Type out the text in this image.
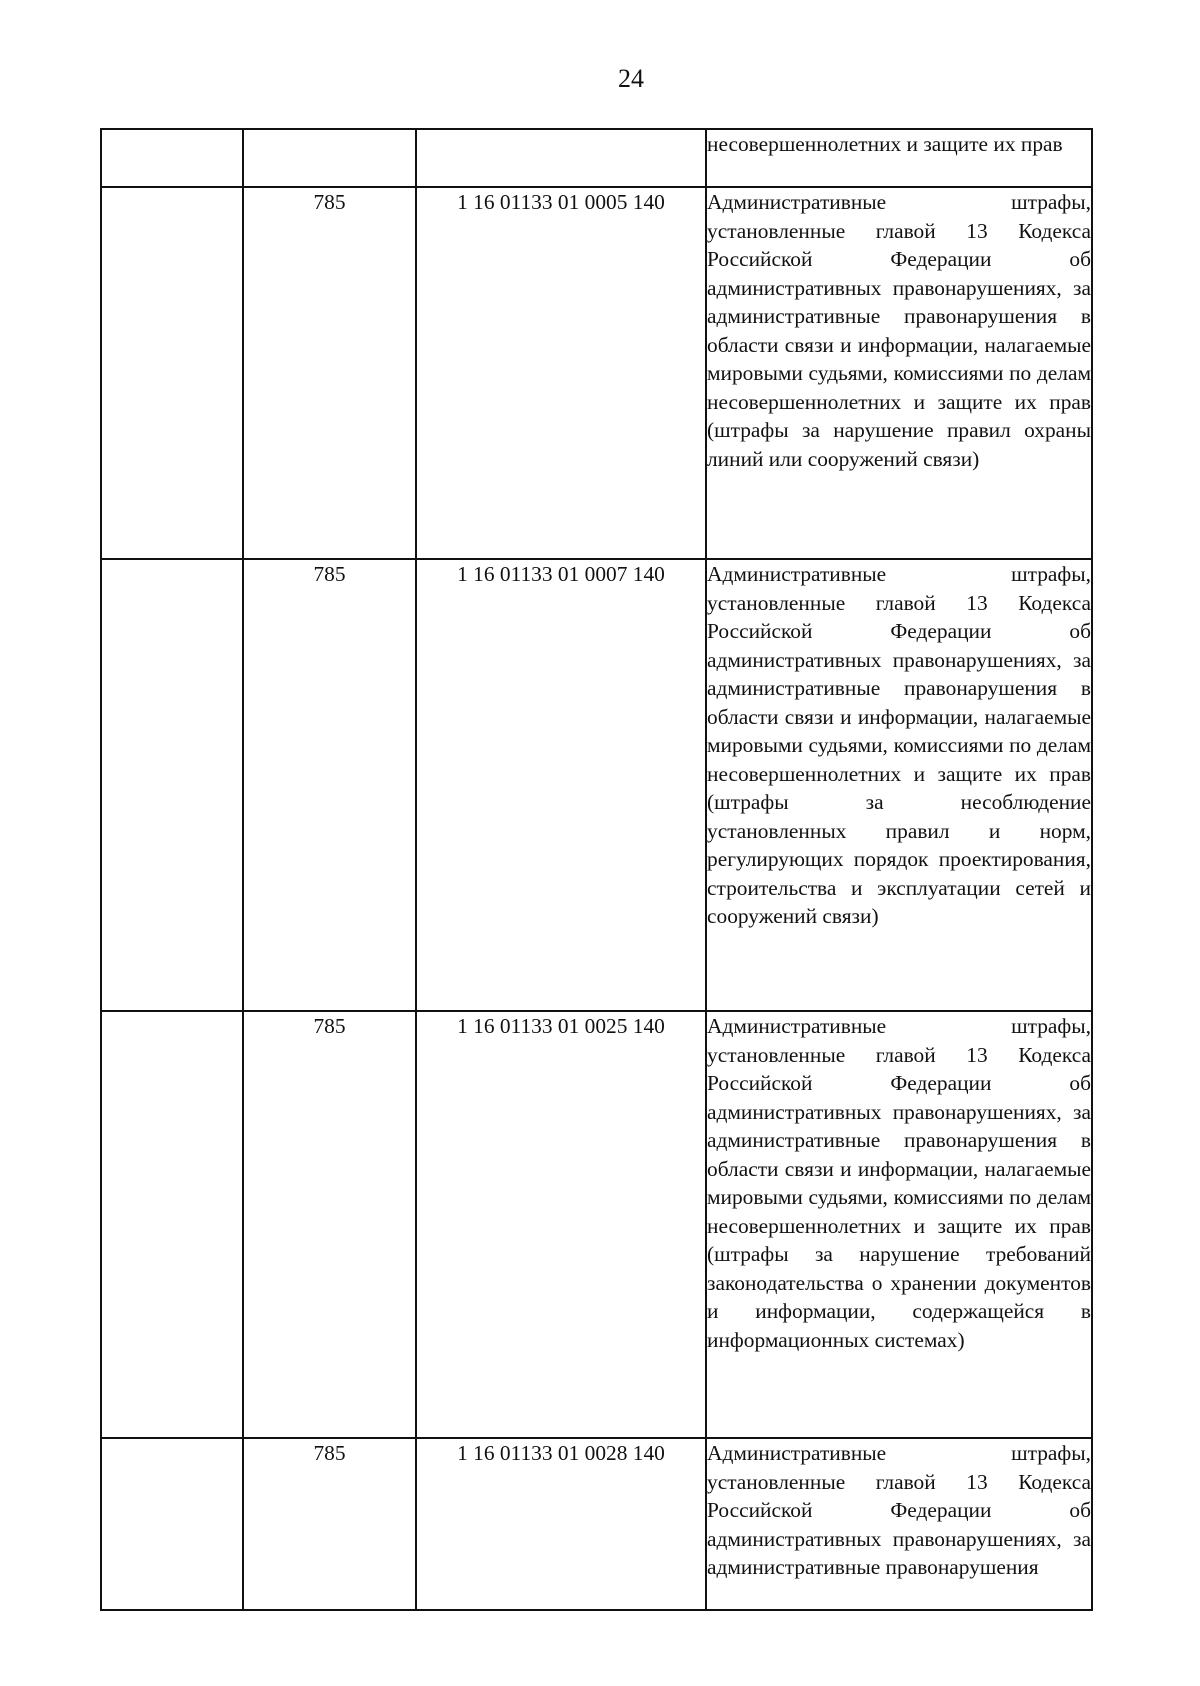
24

			несовершеннолетних и защите их прав

	785	1 16 01133 01 0005 140	Административные штрафы, установленные главой 13 Кодекса Российской Федерации об административных правонарушениях, за административные правонарушения в области связи и информации, налагаемые мировыми судьями, комиссиями по делам несовершеннолетних и защите их прав (штрафы за нарушение правил охраны линий или сооружений связи)

	785	1 16 01133 01 0007 140	Административные штрафы, установленные главой 13 Кодекса Российской Федерации об административных правонарушениях, за административные правонарушения в области связи и информации, налагаемые мировыми судьями, комиссиями по делам несовершеннолетних и защите их прав (штрафы за несоблюдение установленных правил и норм, регулирующих порядок проектирования, строительства и эксплуатации сетей и сооружений связи)

	785	1 16 01133 01 0025 140	Административные штрафы, установленные главой 13 Кодекса Российской Федерации об административных правонарушениях, за административные правонарушения в области связи и информации, налагаемые мировыми судьями, комиссиями по делам несовершеннолетних и защите их прав (штрафы за нарушение требований законодательства о хранении документов и информации, содержащейся в информационных системах)

	785	1 16 01133 01 0028 140	Административные штрафы, установленные главой 13 Кодекса Российской Федерации об административных правонарушениях, за административные правонарушения
